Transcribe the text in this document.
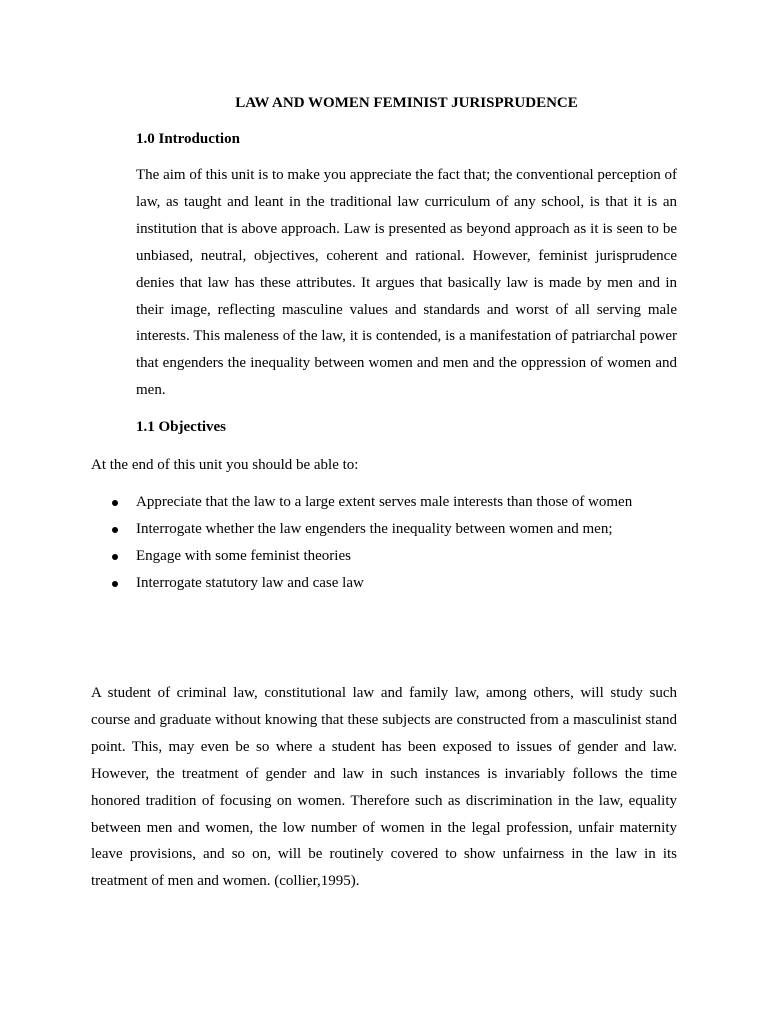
LAW AND WOMEN FEMINIST JURISPRUDENCE
1.0 Introduction

The aim of this unit is to make you appreciate the fact that; the conventional perception of law, as taught and leant in the traditional law curriculum of any school, is that it is an institution that is above approach. Law is presented as beyond approach as it is seen to be unbiased, neutral, objectives, coherent and rational. However, feminist jurisprudence denies that law has these attributes. It argues that basically law is made by men and in their image, reflecting masculine values and standards and worst of all serving male interests. This maleness of the law, it is contended, is a manifestation of patriarchal power that engenders the inequality between women and men and the oppression of women and men.

1.1 Objectives

At the end of this unit you should be able to:

Appreciate that the law to a large extent serves male interests than those of women
Interrogate whether the law engenders the inequality between women and men;
Engage with some feminist theories
Interrogate statutory law and case law

A student of criminal law, constitutional law and family law, among others, will study such course and graduate without knowing that these subjects are constructed from a masculinist stand point. This, may even be so where a student has been exposed to issues of gender and law. However, the treatment of gender and law in such instances is invariably follows the time honored tradition of focusing on women. Therefore such as discrimination in the law, equality between men and women, the low number of women in the legal profession, unfair maternity leave provisions, and so on, will be routinely covered to show unfairness in the law in its treatment of men and women. (collier,1995).
